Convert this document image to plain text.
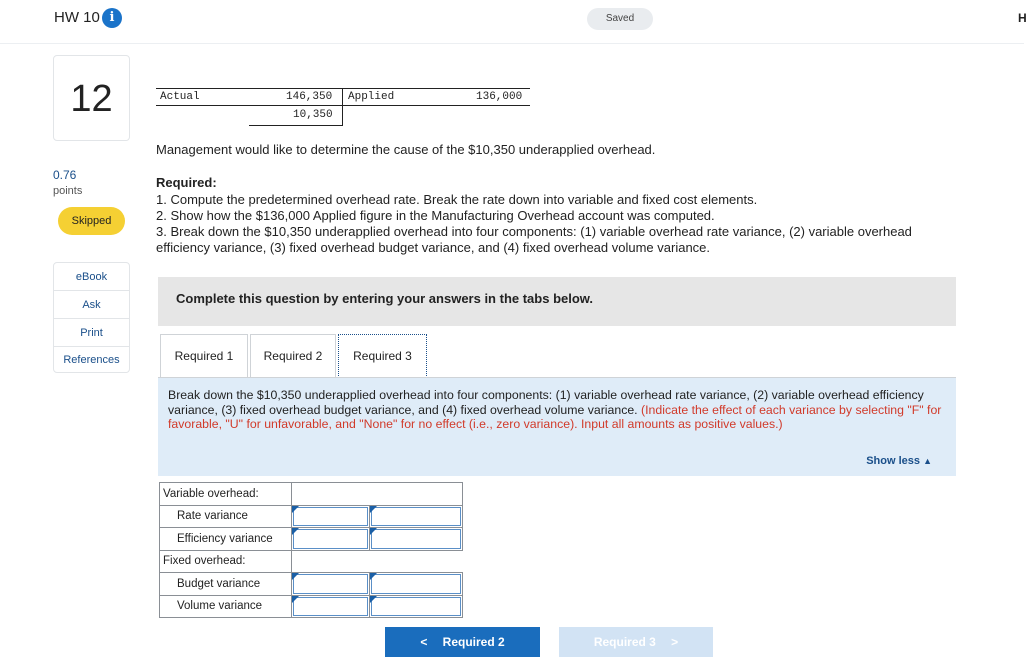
HW 10 i	Saved	H
12
0.76
points
Skipped
eBook
Ask
Print
References
Actual	146,350 Applied	136,000
10,350
Management would like to determine the cause of the $10,350 underapplied overhead.
Required:
1. Compute the predetermined overhead rate. Break the rate down into variable and fixed cost elements.
2. Show how the $136,000 Applied figure in the Manufacturing Overhead account was computed.
3. Break down the $10,350 underapplied overhead into four components: (1) variable overhead rate variance, (2) variable overhead
efficiency variance, (3) fixed overhead budget variance, and (4) fixed overhead volume variance.
Complete this question by entering your answers in the tabs below.
Required 1	Required 2	Required 3
Break down the $10,350 underapplied overhead into four components: (1) variable overhead rate variance, (2) variable overhead efficiency variance, (3) fixed overhead budget variance, and (4) fixed overhead volume variance. (Indicate the effect of each variance by selecting "F" for favorable, "U" for unfavorable, and "None" for no effect (i.e., zero variance). Input all amounts as positive values.)
Show less ▲
Variable overhead:		
Rate variance	

Efficiency variance	

Fixed overhead:		
Budget variance	

Volume variance	

< Required 2	Required 3 >
